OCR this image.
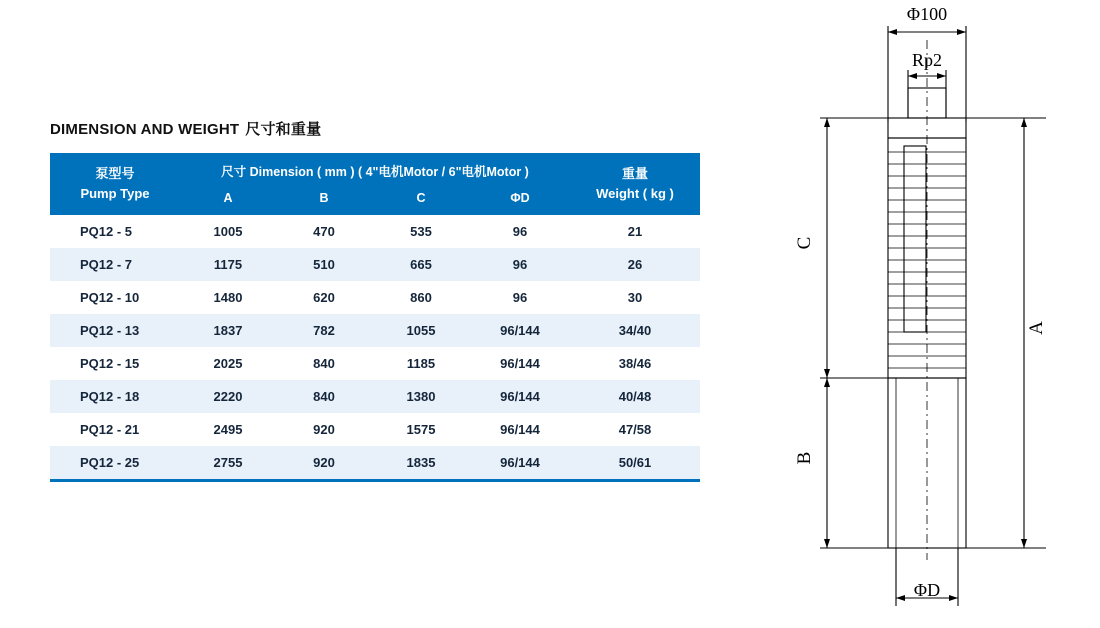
DIMENSION AND WEIGHT 尺寸和重量
泵型号
Pump Type	尺寸 Dimension ( mm ) ( 4"电机Motor / 6"电机Motor )				重量
Weight ( kg )

	A	B	C	ΦD	
PQ12 - 5	1005	470	535	96	21
PQ12 - 7	1175	510	665	96	26
PQ12 - 10	1480	620	860	96	30
PQ12 - 13	1837	782	1055	96/144	34/40
PQ12 - 15	2025	840	1185	96/144	38/46
PQ12 - 18	2220	840	1380	96/144	40/48
PQ12 - 21	2495	920	1575	96/144	47/58
PQ12 - 25	2755	920	1835	96/144	50/61
Φ100
Rp2
C
B
A
ΦD
